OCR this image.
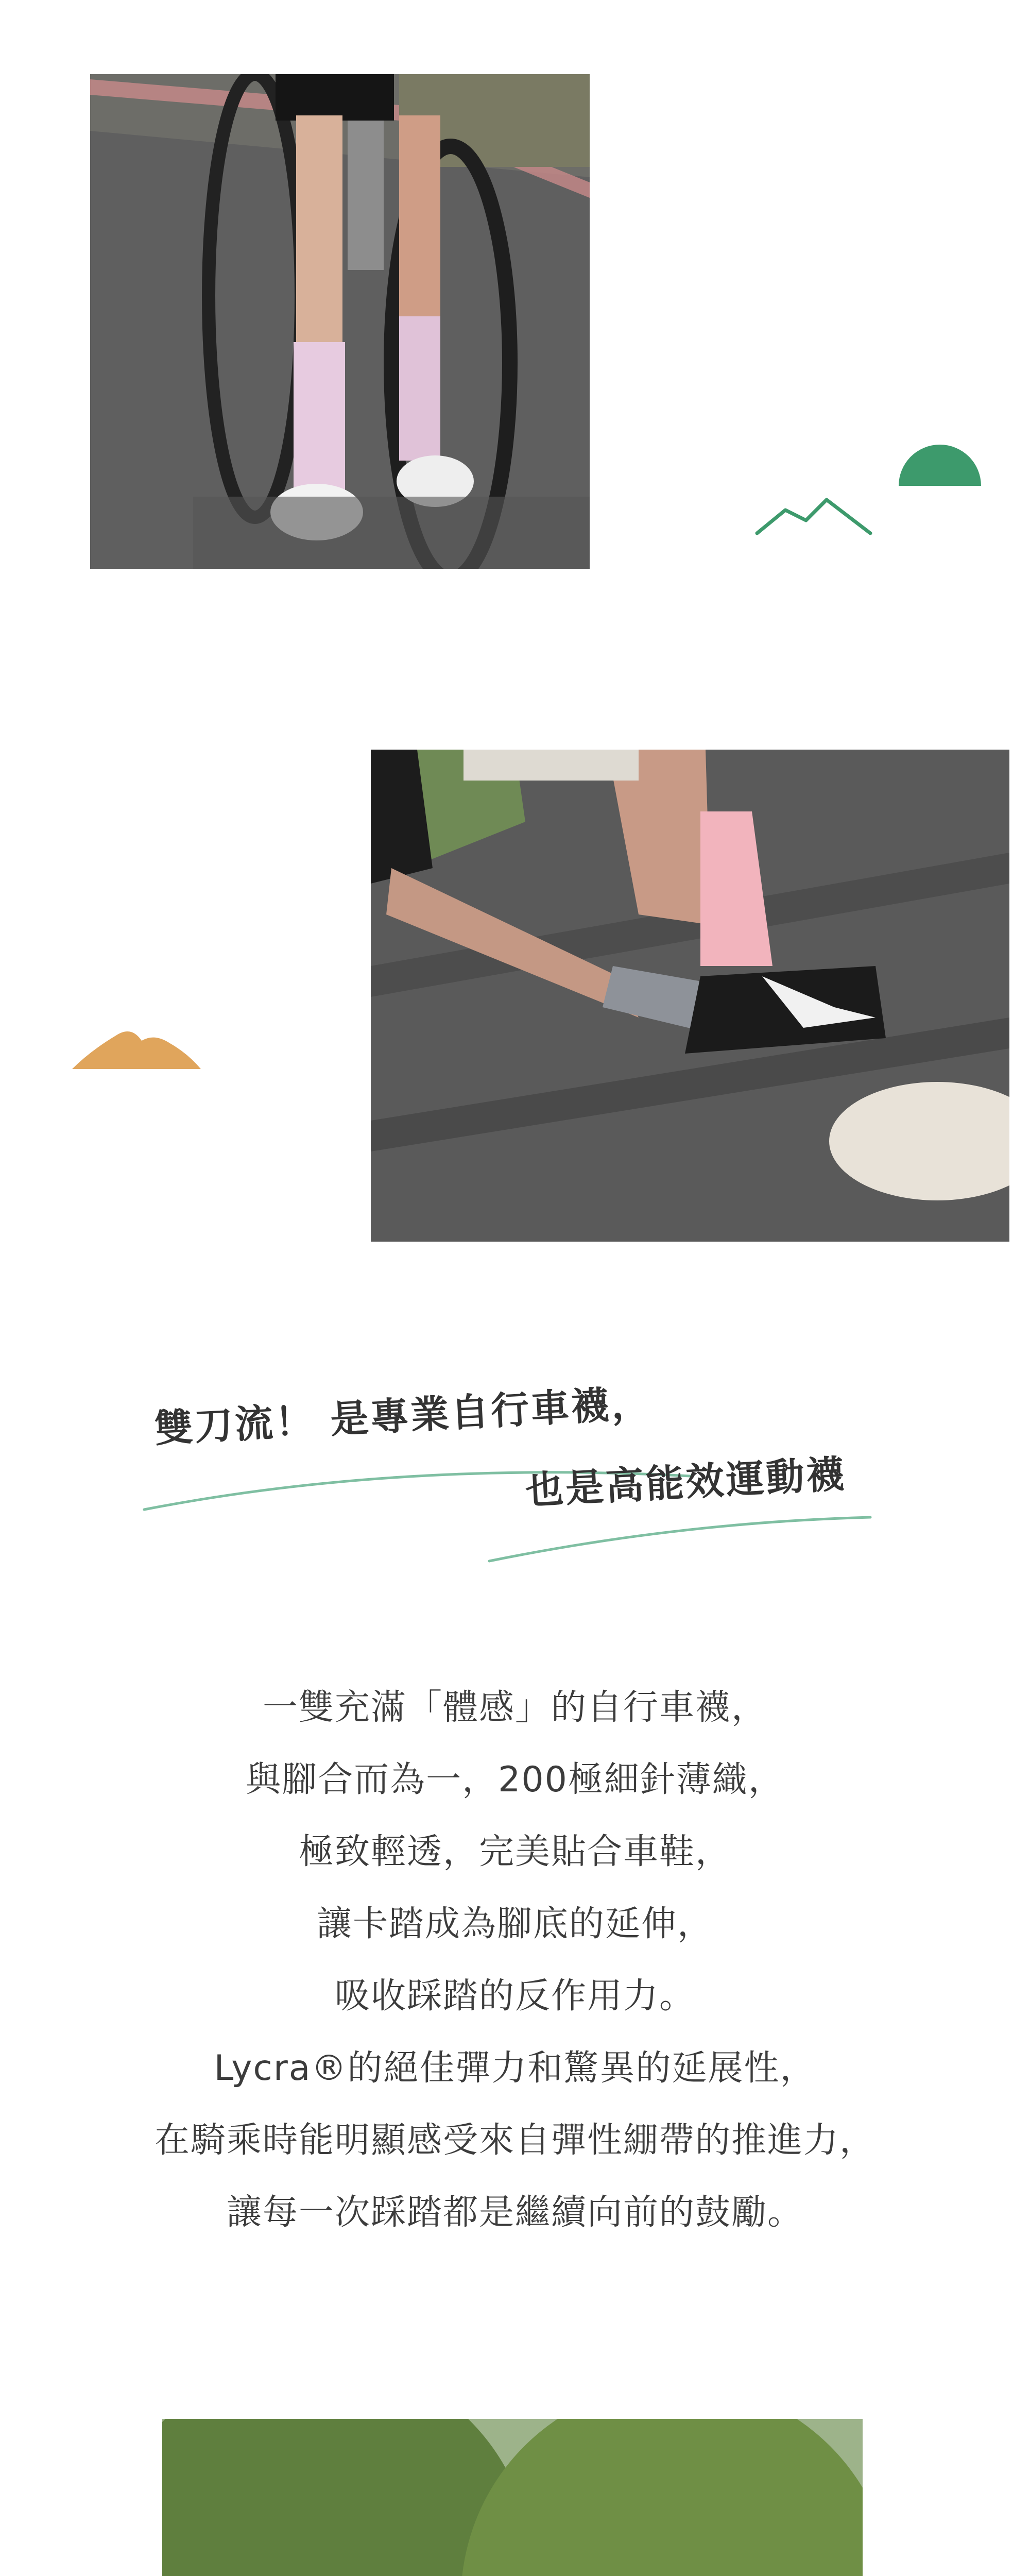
雙刀流！ 是專業自行車襪，
也是高能效運動襪
一雙充滿「體感」的自行車襪，
與腳合而為一，200極細針薄織，
極致輕透，完美貼合車鞋，
讓卡踏成為腳底的延伸，
吸收踩踏的反作用力。
Lycra®的絕佳彈力和驚異的延展性，
在騎乘時能明顯感受來自彈性綳帶的推進力，
讓每一次踩踏都是繼續向前的鼓勵。
